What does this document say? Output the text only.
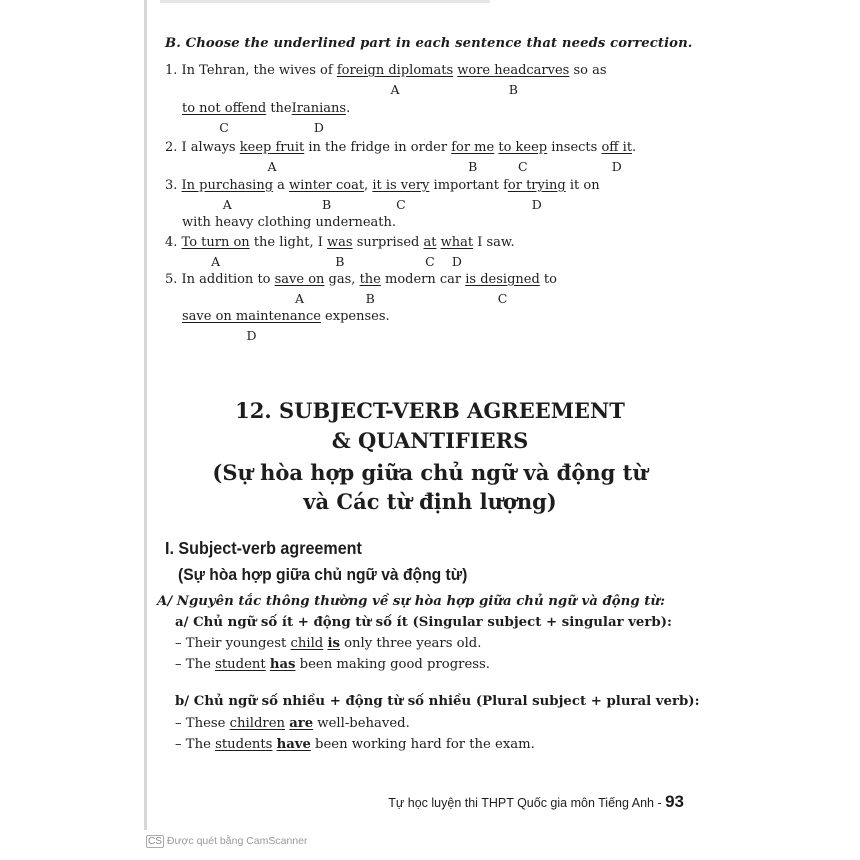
B. Choose the underlined part in each sentence that needs correction.
1. In Tehran, the wives of foreign diplomats
A
wore headcarves
B
so as
to not offend
C
theIranians
D
.
2. I always keep fruit
A
in the fridge in order for me
B
to keep
C
insects off it
D
.
3. In purchasing
A
a winter coat
B
, it is very
C
important for trying
D
it on
with heavy clothing underneath.
4. To turn on
A
the light, I was
B
surprised at
C
what
D
I saw.
5. In addition to save on
A
gas, the
B
modern car is designed
C
to
save on maintenance
D
expenses.
12. SUBJECT-VERB AGREEMENT
& QUANTIFIERS
(Sự hòa hợp giữa chủ ngữ và động từ
và Các từ định lượng)
I. Subject-verb agreement
(Sự hòa hợp giữa chủ ngữ và động từ)
A/ Nguyên tắc thông thường về sự hòa hợp giữa chủ ngữ và động từ:
a/ Chủ ngữ số ít + động từ số ít (Singular subject + singular verb):
– Their youngest child is only three years old.
– The student has been making good progress.
b/ Chủ ngữ số nhiều + động từ số nhiều (Plural subject + plural verb):
– These children are well-behaved.
– The students have been working hard for the exam.
Tự học luyện thi THPT Quốc gia môn Tiếng Anh - 93
CS Được quét bằng CamScanner
